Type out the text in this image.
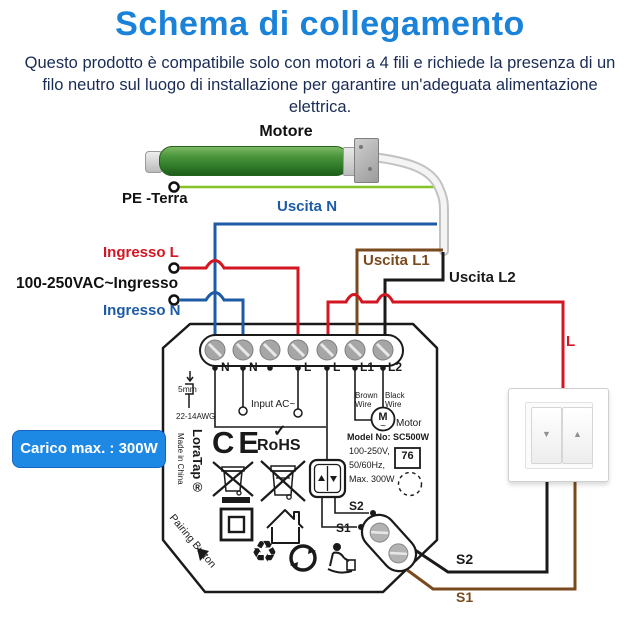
Schema di collegamento
Questo prodotto è compatibile solo con motori a 4 fili e richiede la presenza di un filo neutro sul luogo di installazione per garantire un'adeguata alimentazione elettrica.
M
~
Motore
PE -Terra	Uscita N
Ingresso L
100-250VAC~Ingresso
Ingresso N
Uscita L1
Uscita L2
L
S2
S1
Carico max. : 300W
N N	L L L1 L2
5mm
22-14AWG
Input AC~
Brown Wire
Black Wire
Motor
Model No: SC500W
100-250V,
50/60Hz,
Max. 300W
76
CE ✓
RoHS
S2
S1
LoraTap®
Made in China
Pairing Button ♻
▼	▲
